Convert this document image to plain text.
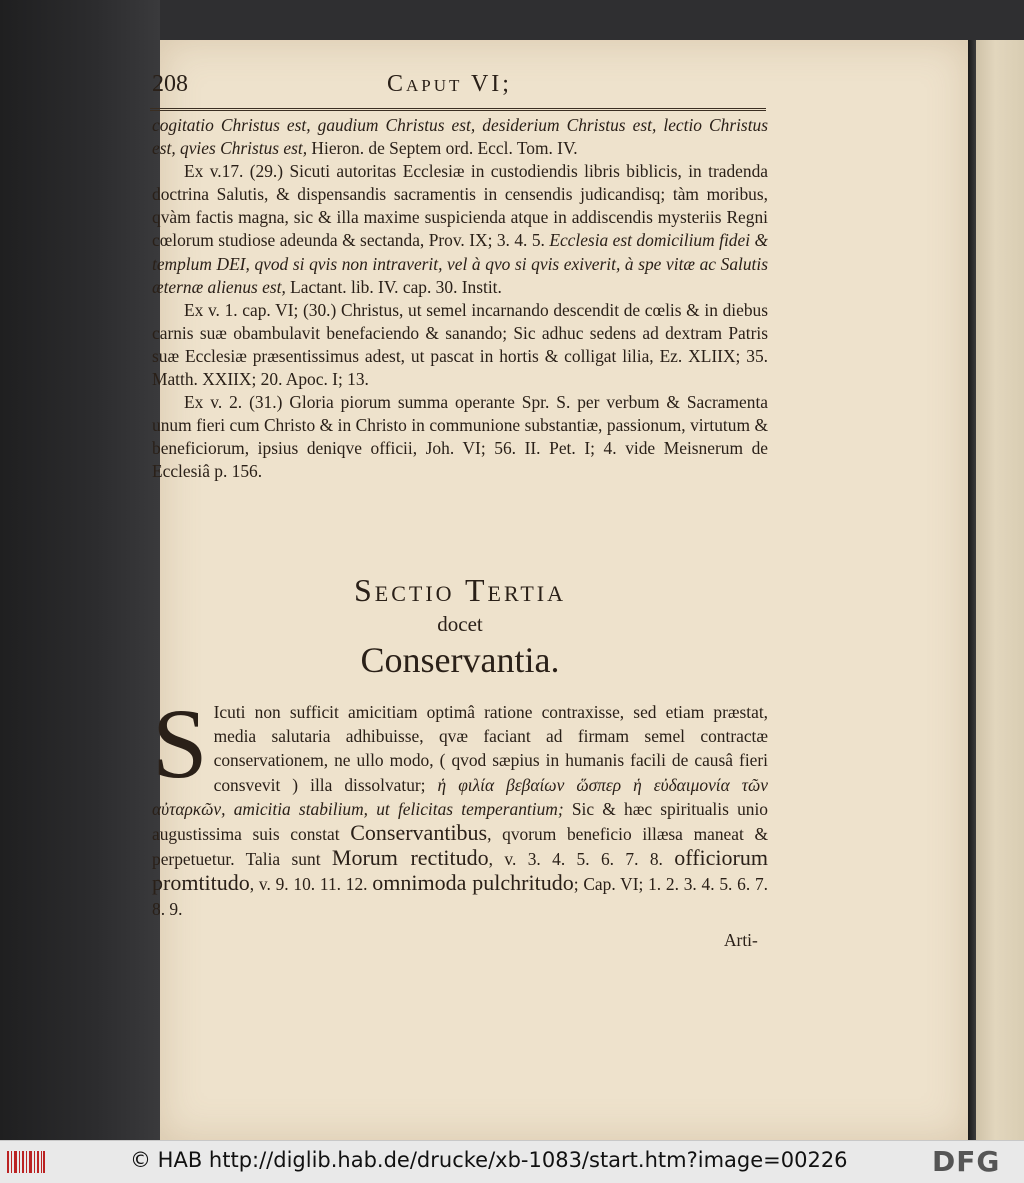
208	Caput VI;

cogitatio Christus est, gaudium Christus est, desiderium Christus est, lectio Christus est, qvies Christus est, Hieron. de Septem ord. Eccl. Tom. IV.

Ex v.17. (29.) Sicuti autoritas Ecclesiæ in custodiendis libris biblicis, in tradenda doctrina Salutis, & dispensandis sacramentis in censendis judicandisq; tàm moribus, qvàm factis magna, sic & illa maxime suspicienda atque in addiscendis mysteriis Regni cœlorum studiose adeunda & sectanda, Prov. IX; 3. 4. 5. Ecclesia est domicilium fidei & templum DEI, qvod si qvis non intraverit, vel à qvo si qvis exiverit, à spe vitæ ac Salutis æternæ alienus est, Lactant. lib. IV. cap. 30. Instit.

Ex v. 1. cap. VI; (30.) Christus, ut semel incarnando descendit de cœlis & in diebus carnis suæ obambulavit benefaciendo & sanando; Sic adhuc sedens ad dextram Patris suæ Ecclesiæ præsentissimus adest, ut pascat in hortis & colligat lilia, Ez. XLIIX; 35. Matth. XXIIX; 20. Apoc. I; 13.

Ex v. 2. (31.) Gloria piorum summa operante Spr. S. per verbum & Sacramenta unum fieri cum Christo & in Christo in communione substantiæ, passionum, virtutum & beneficiorum, ipsius deniqve officii, Joh. VI; 56. II. Pet. I; 4. vide Meisnerum de Ecclesiâ p. 156.

Sectio Tertia
docet
Conservantia.
S Icuti non sufficit amicitiam optimâ ratione contraxisse, sed etiam præstat, media salutaria adhibuisse, qvæ faciant ad firmam semel contractæ conservationem, ne ullo modo, ( qvod sæpius in humanis facili de causâ fieri consvevit ) illa dissolvatur; ἡ φιλία βεβαίων ὥσπερ ἡ εὐδαιμονία τῶν αὐταρκῶν, amicitia stabilium, ut felicitas temperantium; Sic & hæc spiritualis unio augustissima suis constat Conservantibus, qvorum beneficio illæsa maneat & perpetuetur. Talia sunt Morum rectitudo, v. 3. 4. 5. 6. 7. 8. officiorum promtitudo, v. 9. 10. 11. 12. omnimoda pulchritudo; Cap. VI; 1. 2. 3. 4. 5. 6. 7. 8. 9.
Arti-
© HAB http://diglib.hab.de/drucke/xb-1083/start.htm?image=00226	DFG
